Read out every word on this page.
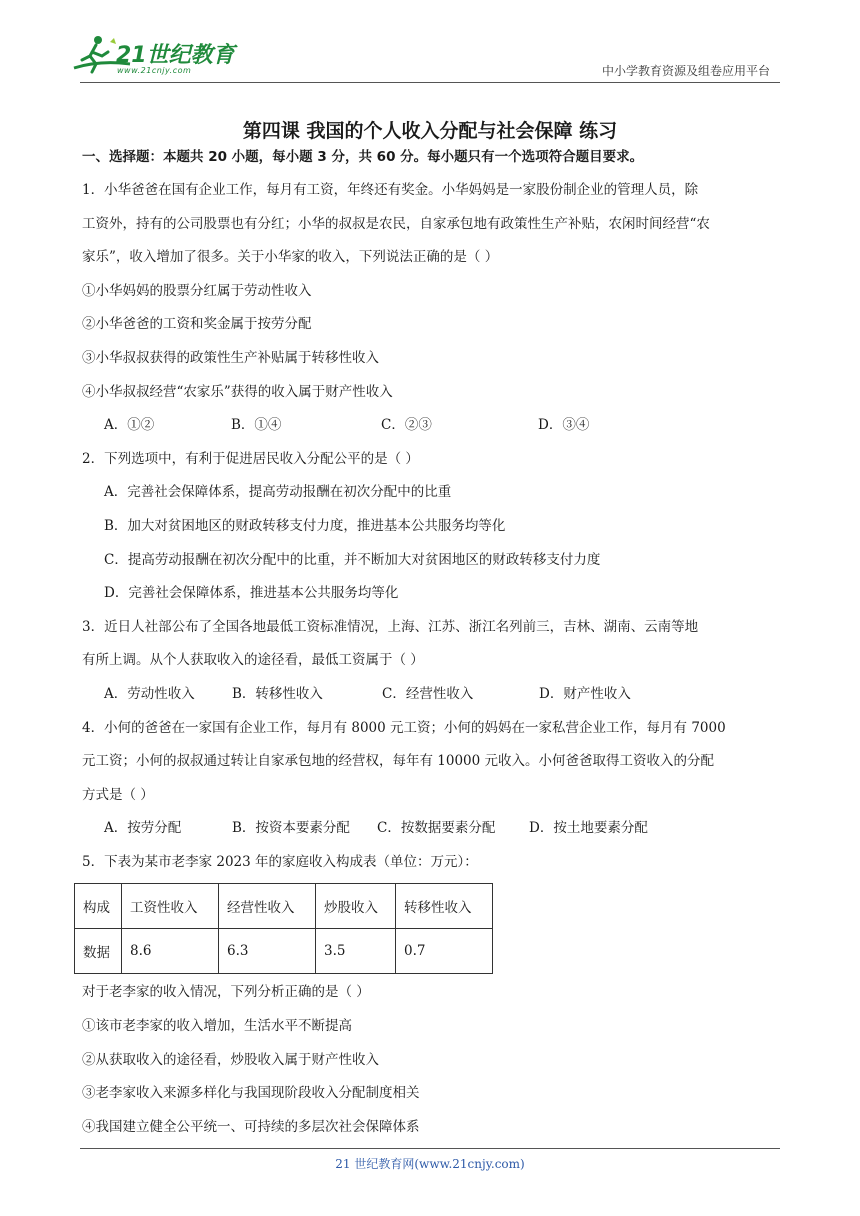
21世纪教育
www.21cnjy.com	中小学教育资源及组卷应用平台
第四课 我国的个人收入分配与社会保障 练习
一、选择题：本题共 20 小题，每小题 3 分，共 60 分。每小题只有一个选项符合题目要求。
1．小华爸爸在国有企业工作，每月有工资，年终还有奖金。小华妈妈是一家股份制企业的管理人员，除
工资外，持有的公司股票也有分红；小华的叔叔是农民，自家承包地有政策性生产补贴，农闲时间经营“农
家乐”，收入增加了很多。关于小华家的收入，下列说法正确的是（ ）
①小华妈妈的股票分红属于劳动性收入
②小华爸爸的工资和奖金属于按劳分配
③小华叔叔获得的政策性生产补贴属于转移性收入
④小华叔叔经营“农家乐”获得的收入属于财产性收入
A．①②	B．①④	C．②③	D．③④
2．下列选项中，有利于促进居民收入分配公平的是（ ）
A．完善社会保障体系，提高劳动报酬在初次分配中的比重
B．加大对贫困地区的财政转移支付力度，推进基本公共服务均等化
C．提高劳动报酬在初次分配中的比重，并不断加大对贫困地区的财政转移支付力度
D．完善社会保障体系，推进基本公共服务均等化
3．近日人社部公布了全国各地最低工资标准情况，上海、江苏、浙江名列前三，吉林、湖南、云南等地
有所上调。从个人获取收入的途径看，最低工资属于（ ）
A．劳动性收入	B．转移性收入	C．经营性收入	D．财产性收入
4．小何的爸爸在一家国有企业工作，每月有 8000 元工资；小何的妈妈在一家私营企业工作，每月有 7000
元工资；小何的叔叔通过转让自家承包地的经营权，每年有 10000 元收入。小何爸爸取得工资收入的分配
方式是（ ）
A．按劳分配	B．按资本要素分配	C．按数据要素分配	D．按土地要素分配
5．下表为某市老李家 2023 年的家庭收入构成表（单位：万元）：
构成	工资性收入	经营性收入	炒股收入	转移性收入
数据	8.6	6.3	3.5	0.7
对于老李家的收入情况，下列分析正确的是（ ）
①该市老李家的收入增加，生活水平不断提高
②从获取收入的途径看，炒股收入属于财产性收入
③老李家收入来源多样化与我国现阶段收入分配制度相关
④我国建立健全公平统一、可持续的多层次社会保障体系
21 世纪教育网(www.21cnjy.com)
